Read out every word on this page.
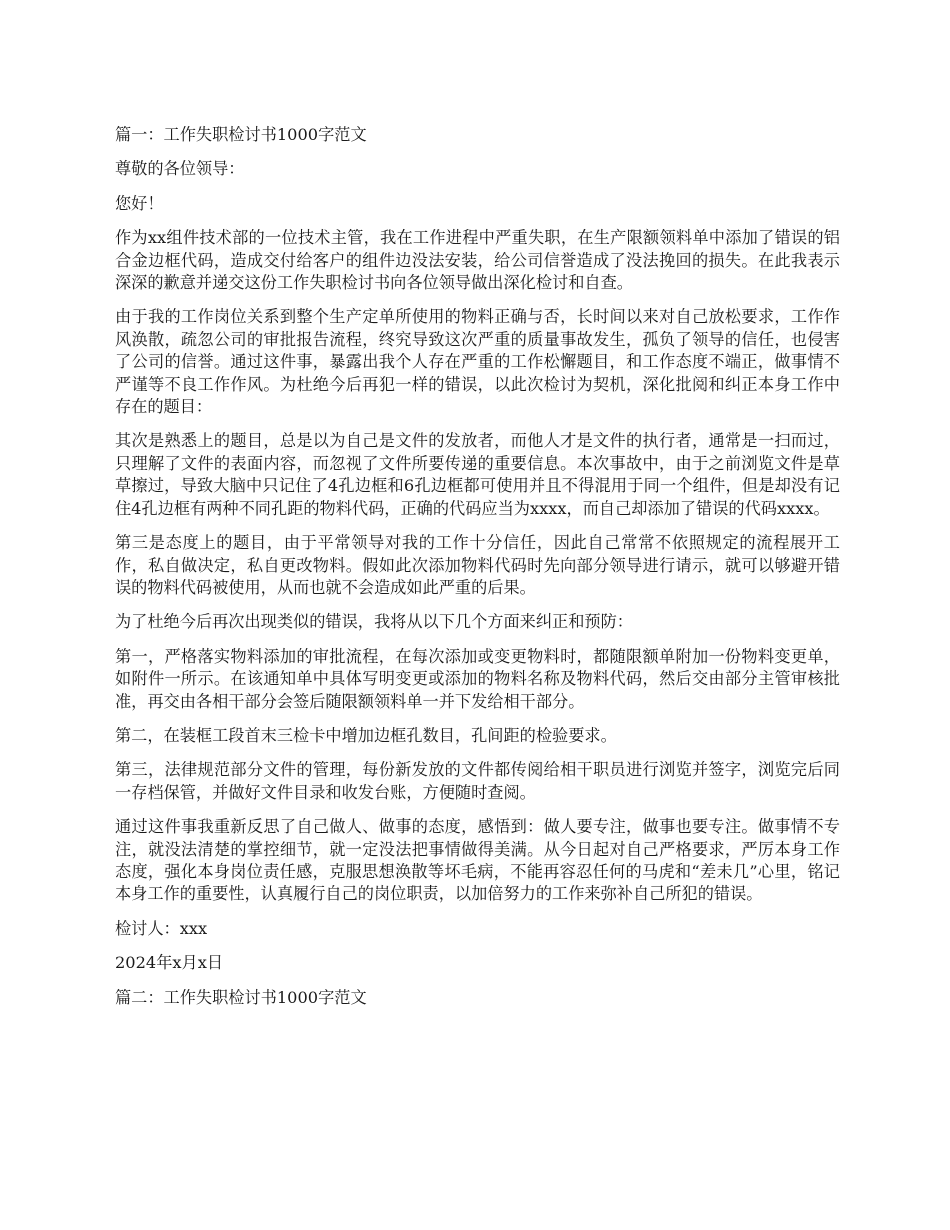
篇一：工作失职检讨书1000字范文

尊敬的各位领导：

您好！

作为xx组件技术部的一位技术主管，我在工作进程中严重失职，在生产限额领料单中添加了错误的铝合金边框代码，造成交付给客户的组件边没法安装，给公司信誉造成了没法挽回的损失。在此我表示深深的歉意并递交这份工作失职检讨书向各位领导做出深化检讨和自查。

由于我的工作岗位关系到整个生产定单所使用的物料正确与否，长时间以来对自己放松要求，工作作风涣散，疏忽公司的审批报告流程，终究导致这次严重的质量事故发生，孤负了领导的信任，也侵害了公司的信誉。通过这件事，暴露出我个人存在严重的工作松懈题目，和工作态度不端正，做事情不严谨等不良工作作风。为杜绝今后再犯一样的错误，以此次检讨为契机，深化批阅和纠正本身工作中存在的题目：

其次是熟悉上的题目，总是以为自己是文件的发放者，而他人才是文件的执行者，通常是一扫而过，只理解了文件的表面内容，而忽视了文件所要传递的重要信息。本次事故中，由于之前浏览文件是草草擦过，导致大脑中只记住了4孔边框和6孔边框都可使用并且不得混用于同一个组件，但是却没有记住4孔边框有两种不同孔距的物料代码，正确的代码应当为xxxx，而自己却添加了错误的代码xxxx。

第三是态度上的题目，由于平常领导对我的工作十分信任，因此自己常常不依照规定的流程展开工作，私自做决定，私自更改物料。假如此次添加物料代码时先向部分领导进行请示，就可以够避开错误的物料代码被使用，从而也就不会造成如此严重的后果。

为了杜绝今后再次出现类似的错误，我将从以下几个方面来纠正和预防：

第一，严格落实物料添加的审批流程，在每次添加或变更物料时，都随限额单附加一份物料变更单，如附件一所示。在该通知单中具体写明变更或添加的物料名称及物料代码，然后交由部分主管审核批准，再交由各相干部分会签后随限额领料单一并下发给相干部分。

第二，在装框工段首末三检卡中增加边框孔数目，孔间距的检验要求。

第三，法律规范部分文件的管理，每份新发放的文件都传阅给相干职员进行浏览并签字，浏览完后同一存档保管，并做好文件目录和收发台账，方便随时查阅。

通过这件事我重新反思了自己做人、做事的态度，感悟到：做人要专注，做事也要专注。做事情不专注，就没法清楚的掌控细节，就一定没法把事情做得美满。从今日起对自己严格要求，严厉本身工作态度，强化本身岗位责任感，克服思想涣散等坏毛病，不能再容忍任何的马虎和“差未几”心里，铭记本身工作的重要性，认真履行自己的岗位职责，以加倍努力的工作来弥补自己所犯的错误。

检讨人：xxx

2024年x月x日

篇二：工作失职检讨书1000字范文
